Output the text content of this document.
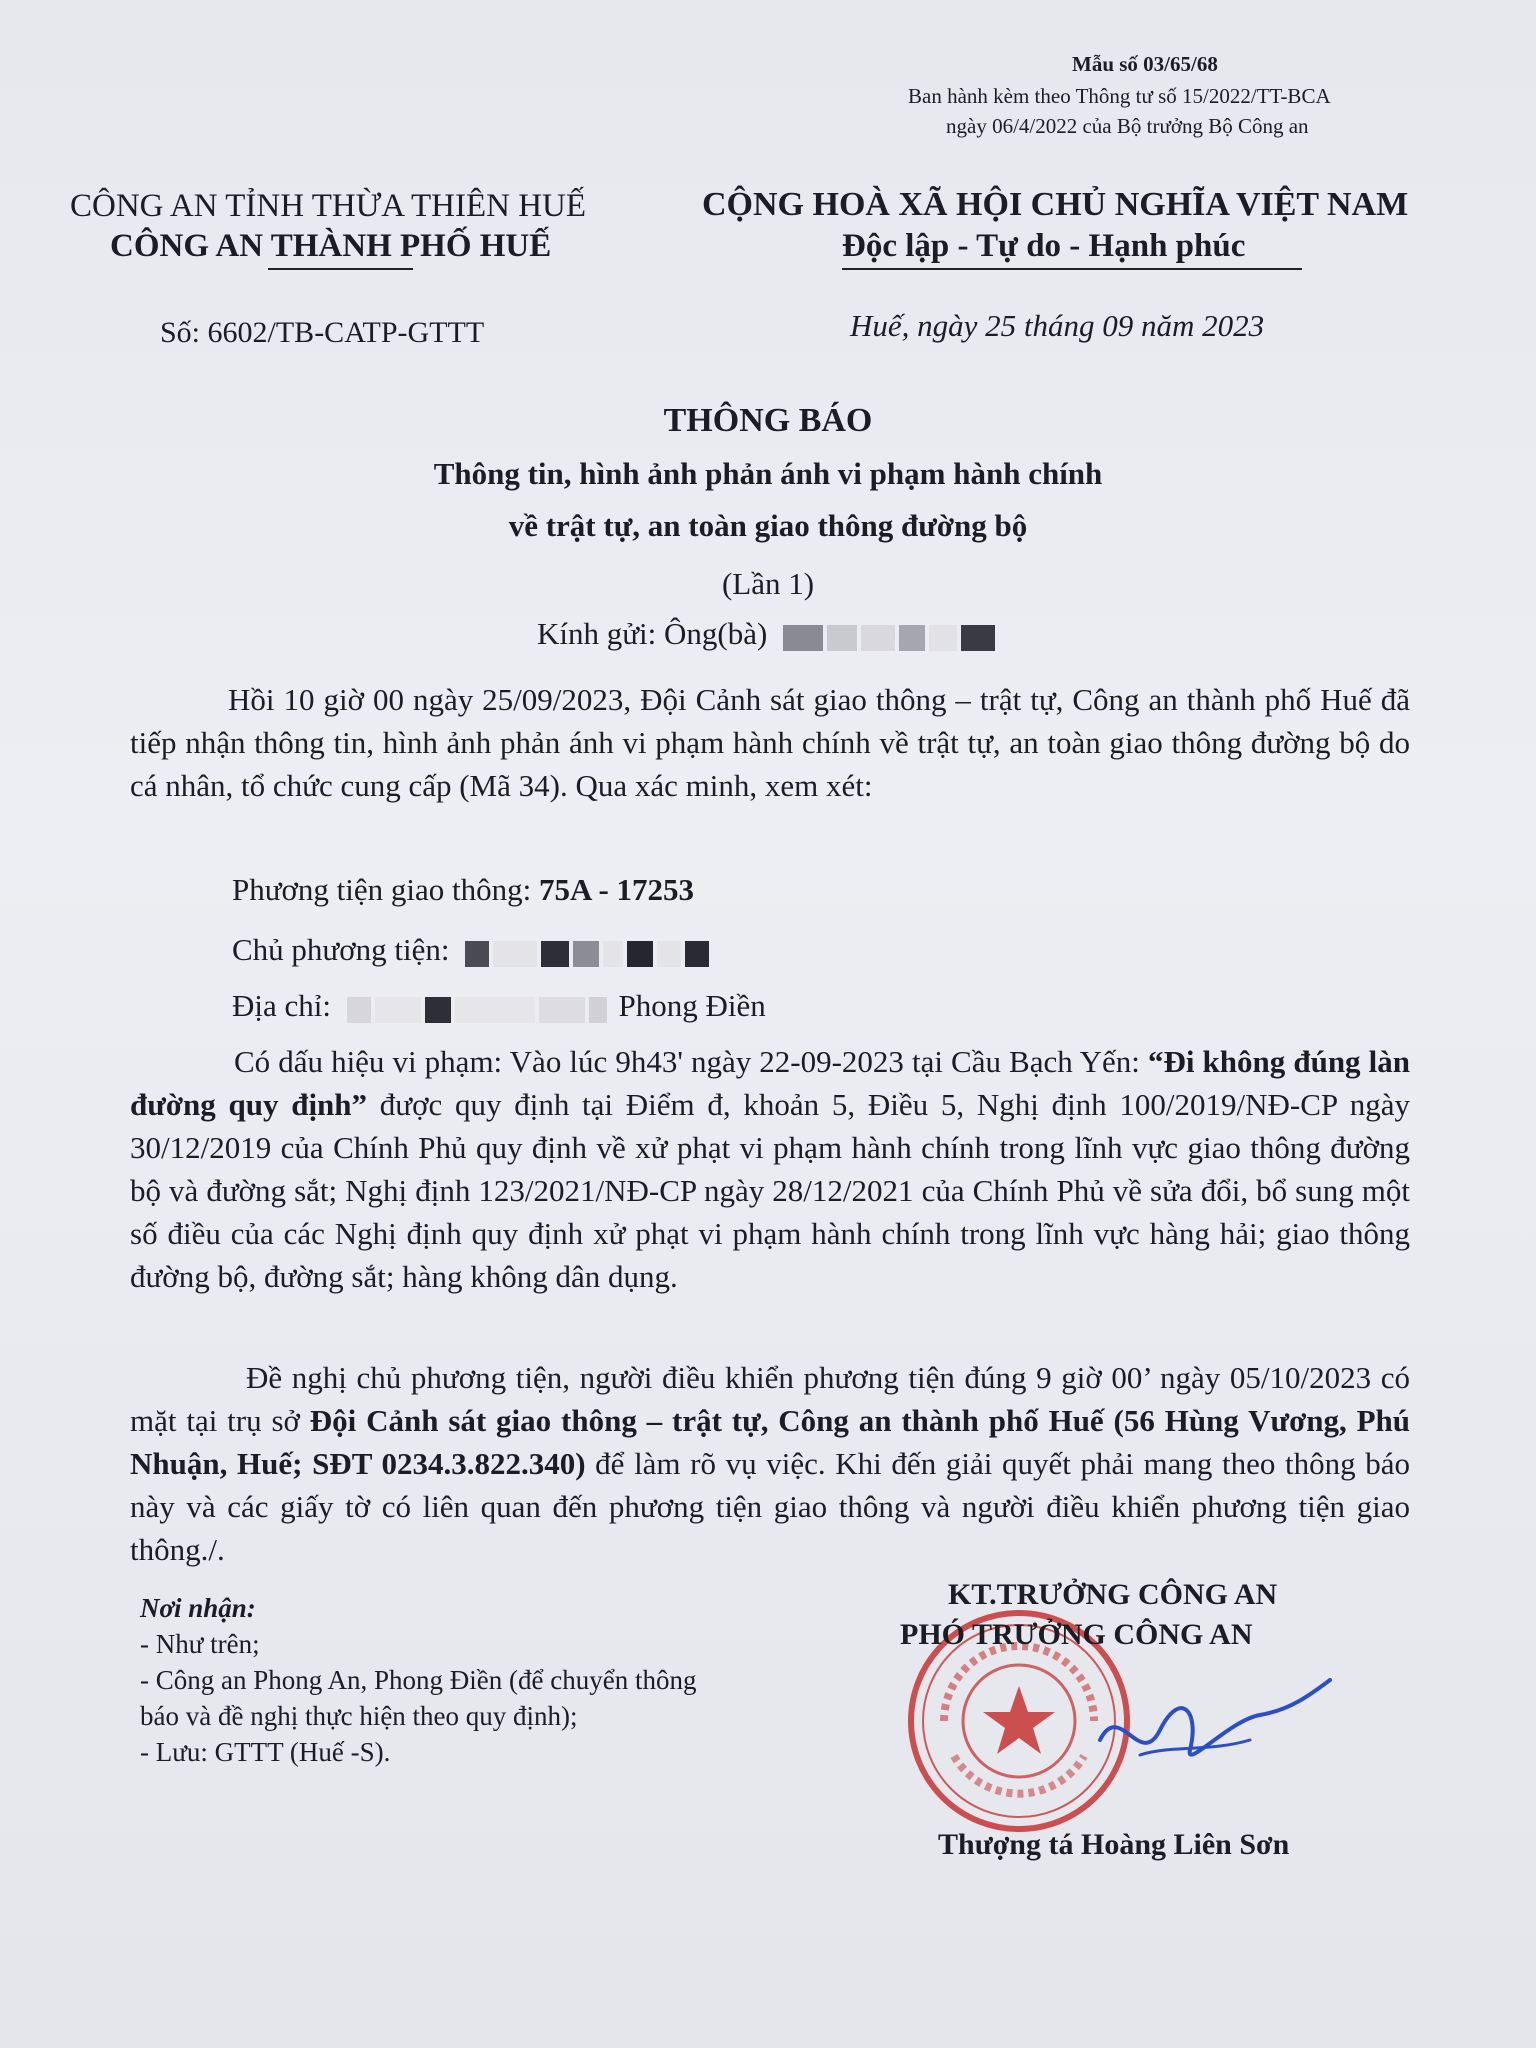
Mẫu số 03/65/68
Ban hành kèm theo Thông tư số 15/2022/TT-BCA
ngày 06/4/2022 của Bộ trưởng Bộ Công an
CÔNG AN TỈNH THỪA THIÊN HUẾ
CÔNG AN THÀNH PHỐ HUẾ
CỘNG HOÀ XÃ HỘI CHỦ NGHĨA VIỆT NAM
Độc lập - Tự do - Hạnh phúc
Số: 6602/TB-CATP-GTTT	Huế, ngày 25 tháng 09 năm 2023
THÔNG BÁO
Thông tin, hình ảnh phản ánh vi phạm hành chính
về trật tự, an toàn giao thông đường bộ
(Lần 1)
Kính gửi: Ông(bà)
Hồi 10 giờ 00 ngày 25/09/2023, Đội Cảnh sát giao thông – trật tự, Công an thành phố Huế đã tiếp nhận thông tin, hình ảnh phản ánh vi phạm hành chính về trật tự, an toàn giao thông đường bộ do cá nhân, tổ chức cung cấp (Mã 34). Qua xác minh, xem xét:
Phương tiện giao thông: 75A - 17253
Chủ phương tiện:
Địa chỉ:	Phong Điền
Có dấu hiệu vi phạm: Vào lúc 9h43' ngày 22-09-2023 tại Cầu Bạch Yến: “Đi không đúng làn đường quy định” được quy định tại Điểm đ, khoản 5, Điều 5, Nghị định 100/2019/NĐ-CP ngày 30/12/2019 của Chính Phủ quy định về xử phạt vi phạm hành chính trong lĩnh vực giao thông đường bộ và đường sắt; Nghị định 123/2021/NĐ-CP ngày 28/12/2021 của Chính Phủ về sửa đổi, bổ sung một số điều của các Nghị định quy định xử phạt vi phạm hành chính trong lĩnh vực hàng hải; giao thông đường bộ, đường sắt; hàng không dân dụng.
Đề nghị chủ phương tiện, người điều khiển phương tiện đúng 9 giờ 00’ ngày 05/10/2023 có mặt tại trụ sở Đội Cảnh sát giao thông – trật tự, Công an thành phố Huế (56 Hùng Vương, Phú Nhuận, Huế; SĐT 0234.3.822.340) để làm rõ vụ việc. Khi đến giải quyết phải mang theo thông báo này và các giấy tờ có liên quan đến phương tiện giao thông và người điều khiển phương tiện giao thông./.
Nơi nhận:
- Như trên;
- Công an Phong An, Phong Điền (để chuyển thông
báo và đề nghị thực hiện theo quy định);
- Lưu: GTTT (Huế -S).
KT.TRƯỞNG CÔNG AN
PHÓ TRƯỞNG CÔNG AN
Thượng tá Hoàng Liên Sơn
